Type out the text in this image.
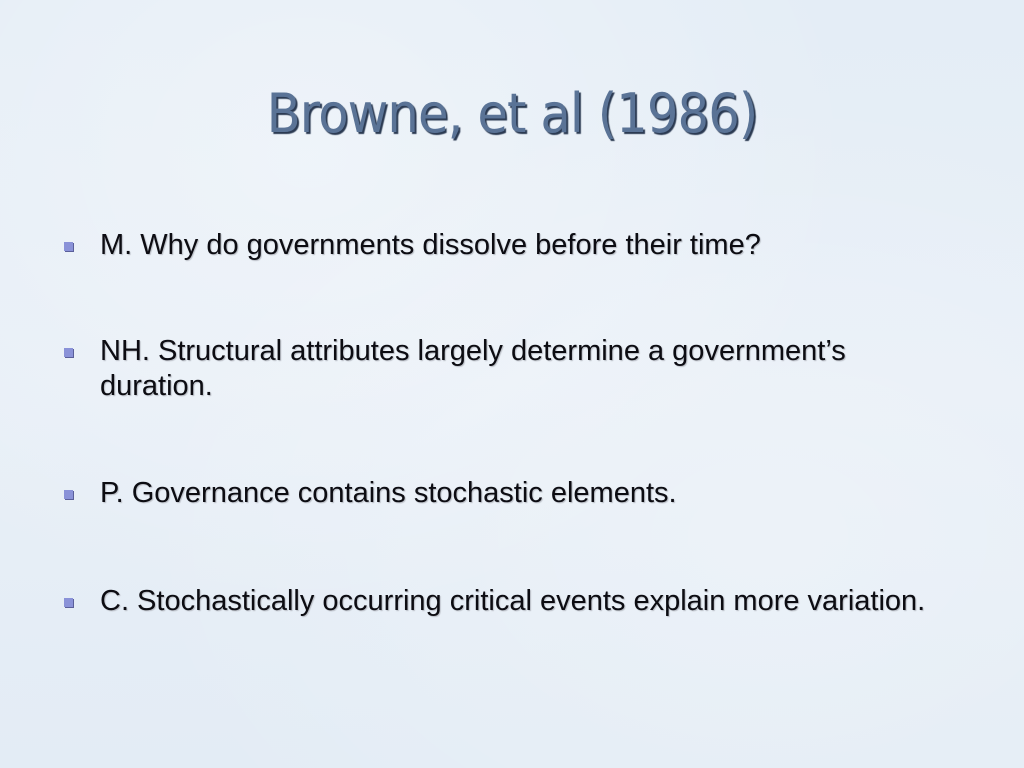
Browne, et al (1986)
M. Why do governments dissolve before their time?
NH. Structural attributes largely determine a government’s duration.
P. Governance contains stochastic elements.
C. Stochastically occurring critical events explain more variation.
